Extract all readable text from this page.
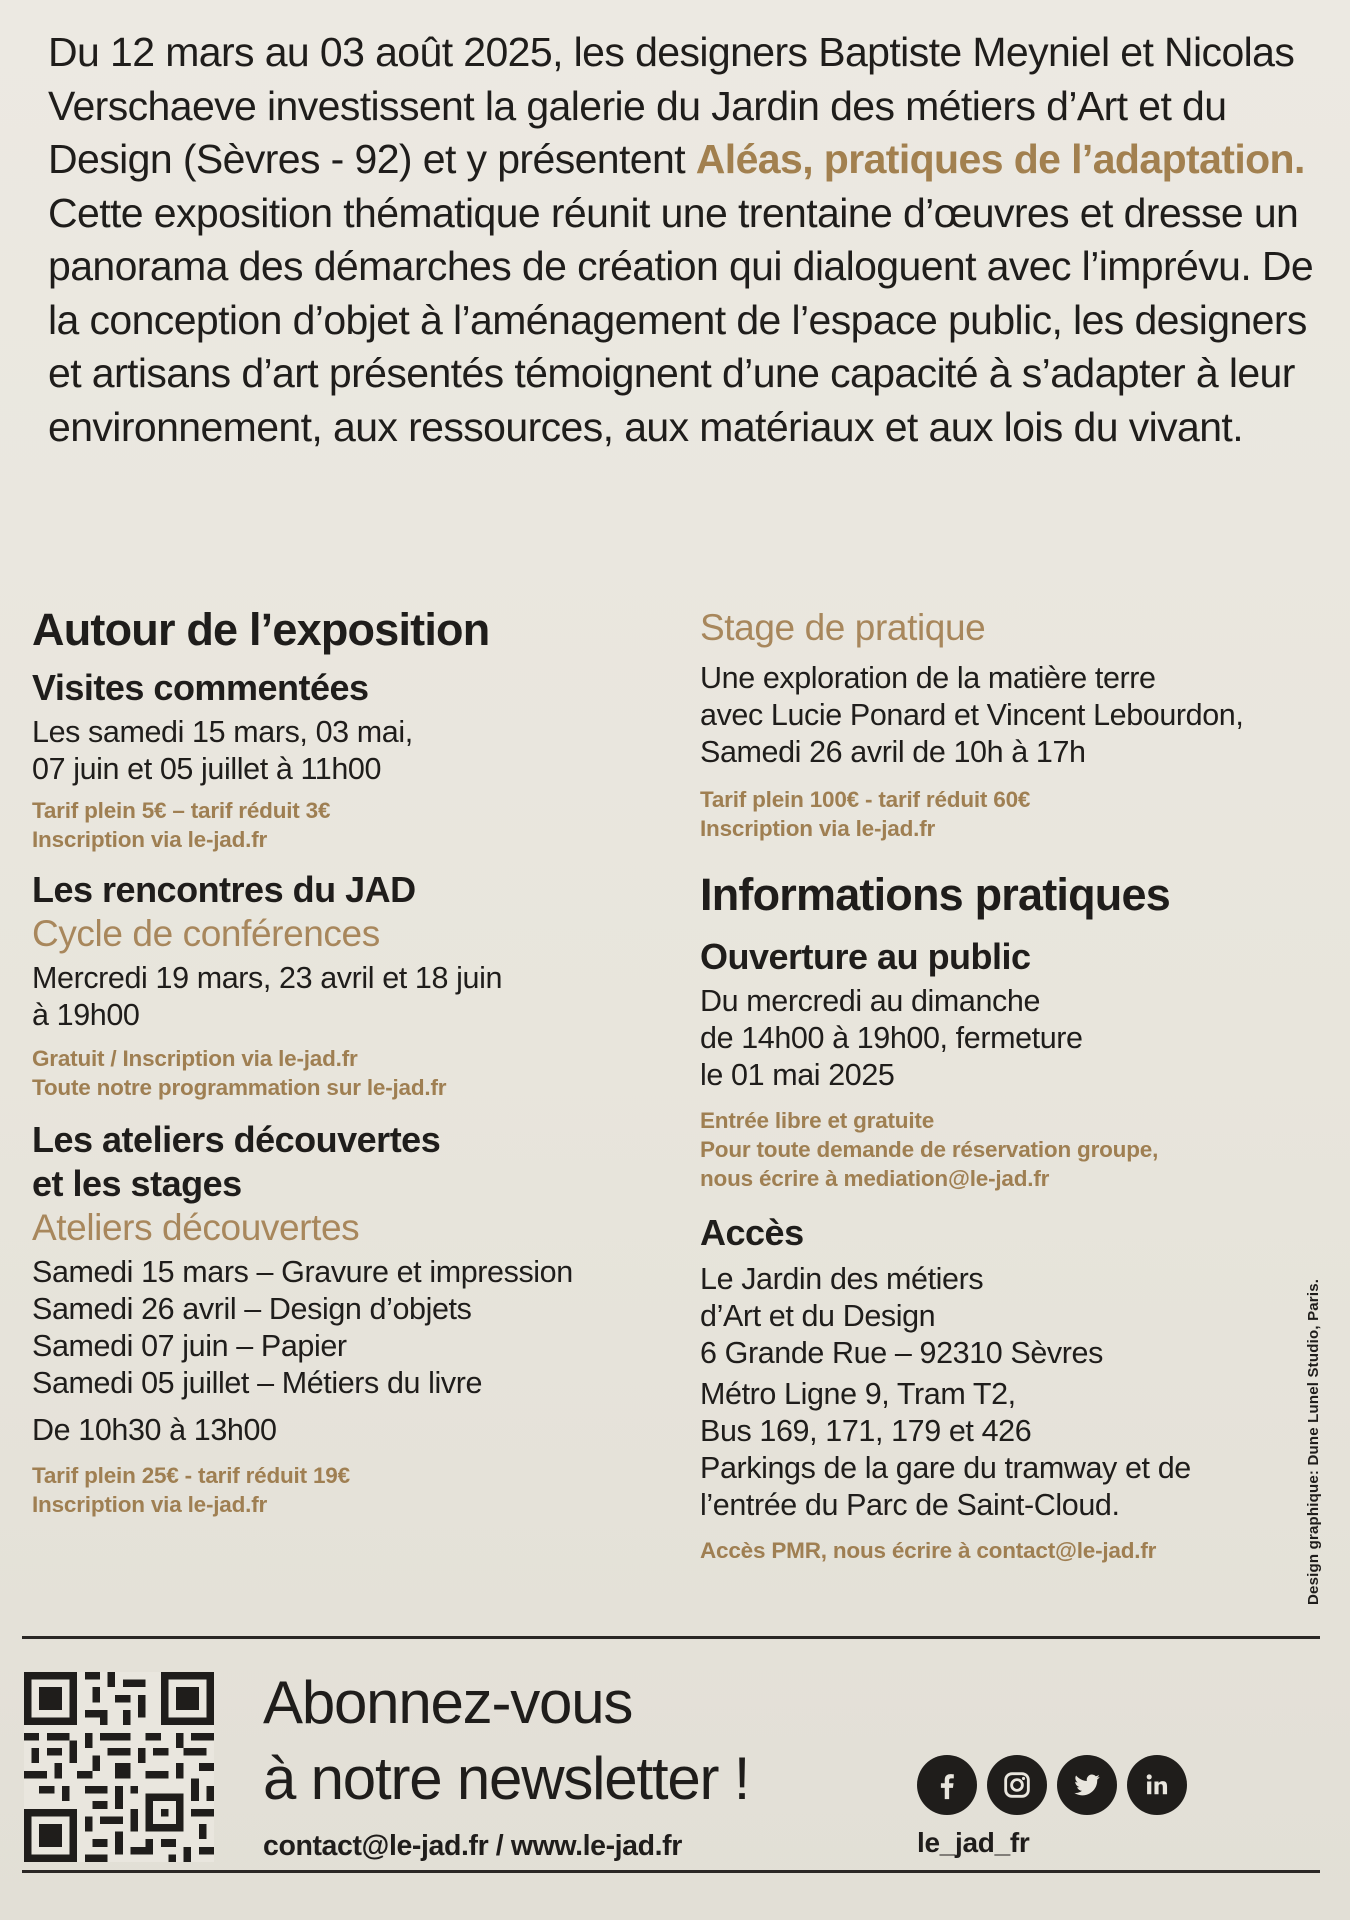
Du 12 mars au 03 août 2025, les designers Baptiste Meyniel et Nicolas Verschaeve investissent la galerie du Jardin des métiers d’Art et du Design (Sèvres - 92) et y présentent Aléas, pratiques de l’adaptation. Cette exposition thématique réunit une trentaine d’œuvres et dresse un panorama des démarches de création qui dialoguent avec l’imprévu. De la conception d’objet à l’aménagement de l’espace public, les designers et artisans d’art présentés témoignent d’une capacité à s’adapter à leur environnement, aux ressources, aux matériaux et aux lois du vivant.

Autour de l’exposition
Visites commentées

Les samedi 15 mars, 03 mai,

07 juin et 05 juillet à 11h00

Tarif plein 5€ – tarif réduit 3€

Inscription via le-jad.fr

Les rencontres du JAD

Cycle de conférences

Mercredi 19 mars, 23 avril et 18 juin

à 19h00

Gratuit / Inscription via le-jad.fr

Toute notre programmation sur le-jad.fr

Les ateliers découvertes
et les stages

Ateliers découvertes

Samedi 15 mars – Gravure et impression

Samedi 26 avril – Design d’objets

Samedi 07 juin – Papier

Samedi 05 juillet – Métiers du livre

De 10h30 à 13h00

Tarif plein 25€ - tarif réduit 19€

Inscription via le-jad.fr

Stage de pratique

Une exploration de la matière terre

avec Lucie Ponard et Vincent Lebourdon,

Samedi 26 avril de 10h à 17h

Tarif plein 100€ - tarif réduit 60€

Inscription via le-jad.fr

Informations pratiques
Ouverture au public

Du mercredi au dimanche

de 14h00 à 19h00, fermeture

le 01 mai 2025

Entrée libre et gratuite

Pour toute demande de réservation groupe,

nous écrire à mediation@le-jad.fr

Accès

Le Jardin des métiers

d’Art et du Design

6 Grande Rue – 92310 Sèvres

Métro Ligne 9, Tram T2,

Bus 169, 171, 179 et 426

Parkings de la gare du tramway et de

l’entrée du Parc de Saint-Cloud.

Accès PMR, nous écrire à contact@le-jad.fr	Design graphique: Dune Lunel Studio, Paris.

Abonnez-vous
à notre newsletter !

contact@le-jad.fr / www.le-jad.fr	le_jad_fr
